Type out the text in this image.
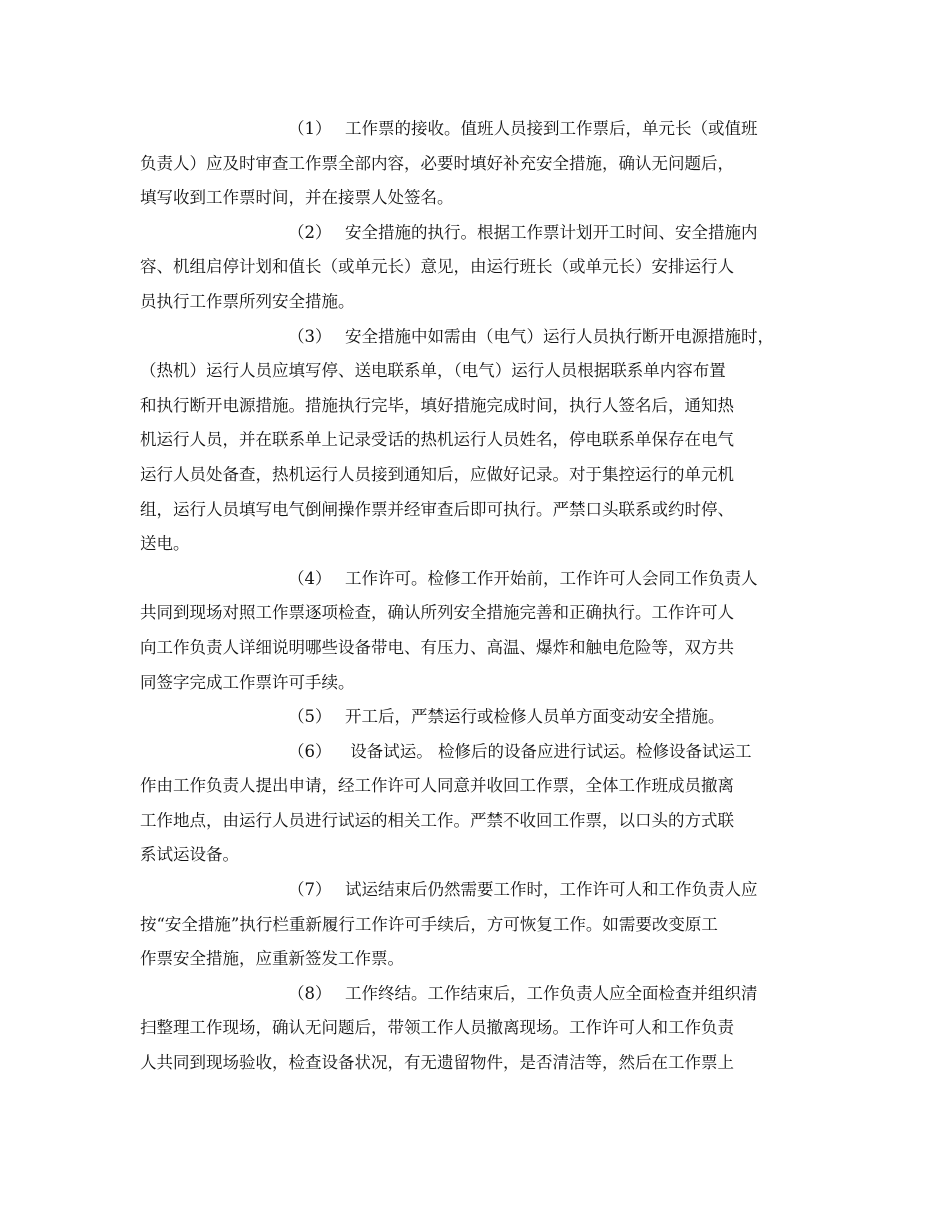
（1） 工作票的接收。值班人员接到工作票后，单元长（或值班
负责人）应及时审查工作票全部内容，必要时填好补充安全措施，确认无问题后，
填写收到工作票时间，并在接票人处签名。
（2） 安全措施的执行。根据工作票计划开工时间、安全措施内
容、机组启停计划和值长（或单元长）意见，由运行班长（或单元长）安排运行人
员执行工作票所列安全措施。
（3） 安全措施中如需由（电气）运行人员执行断开电源措施时，
（热机）运行人员应填写停、送电联系单，（电气）运行人员根据联系单内容布置
和执行断开电源措施。措施执行完毕，填好措施完成时间，执行人签名后，通知热
机运行人员，并在联系单上记录受话的热机运行人员姓名，停电联系单保存在电气
运行人员处备查，热机运行人员接到通知后，应做好记录。对于集控运行的单元机
组，运行人员填写电气倒闸操作票并经审查后即可执行。严禁口头联系或约时停、
送电。
（4） 工作许可。检修工作开始前，工作许可人会同工作负责人
共同到现场对照工作票逐项检查，确认所列安全措施完善和正确执行。工作许可人
向工作负责人详细说明哪些设备带电、有压力、高温、爆炸和触电危险等，双方共
同签字完成工作票许可手续。
（5） 开工后，严禁运行或检修人员单方面变动安全措施。
（6） 设备试运。 检修后的设备应进行试运。检修设备试运工
作由工作负责人提出申请，经工作许可人同意并收回工作票，全体工作班成员撤离
工作地点，由运行人员进行试运的相关工作。严禁不收回工作票，以口头的方式联
系试运设备。
（7） 试运结束后仍然需要工作时，工作许可人和工作负责人应
按“安全措施”执行栏重新履行工作许可手续后，方可恢复工作。如需要改变原工
作票安全措施，应重新签发工作票。
（8） 工作终结。工作结束后，工作负责人应全面检查并组织清
扫整理工作现场，确认无问题后，带领工作人员撤离现场。工作许可人和工作负责
人共同到现场验收，检查设备状况，有无遗留物件，是否清洁等，然后在工作票上
